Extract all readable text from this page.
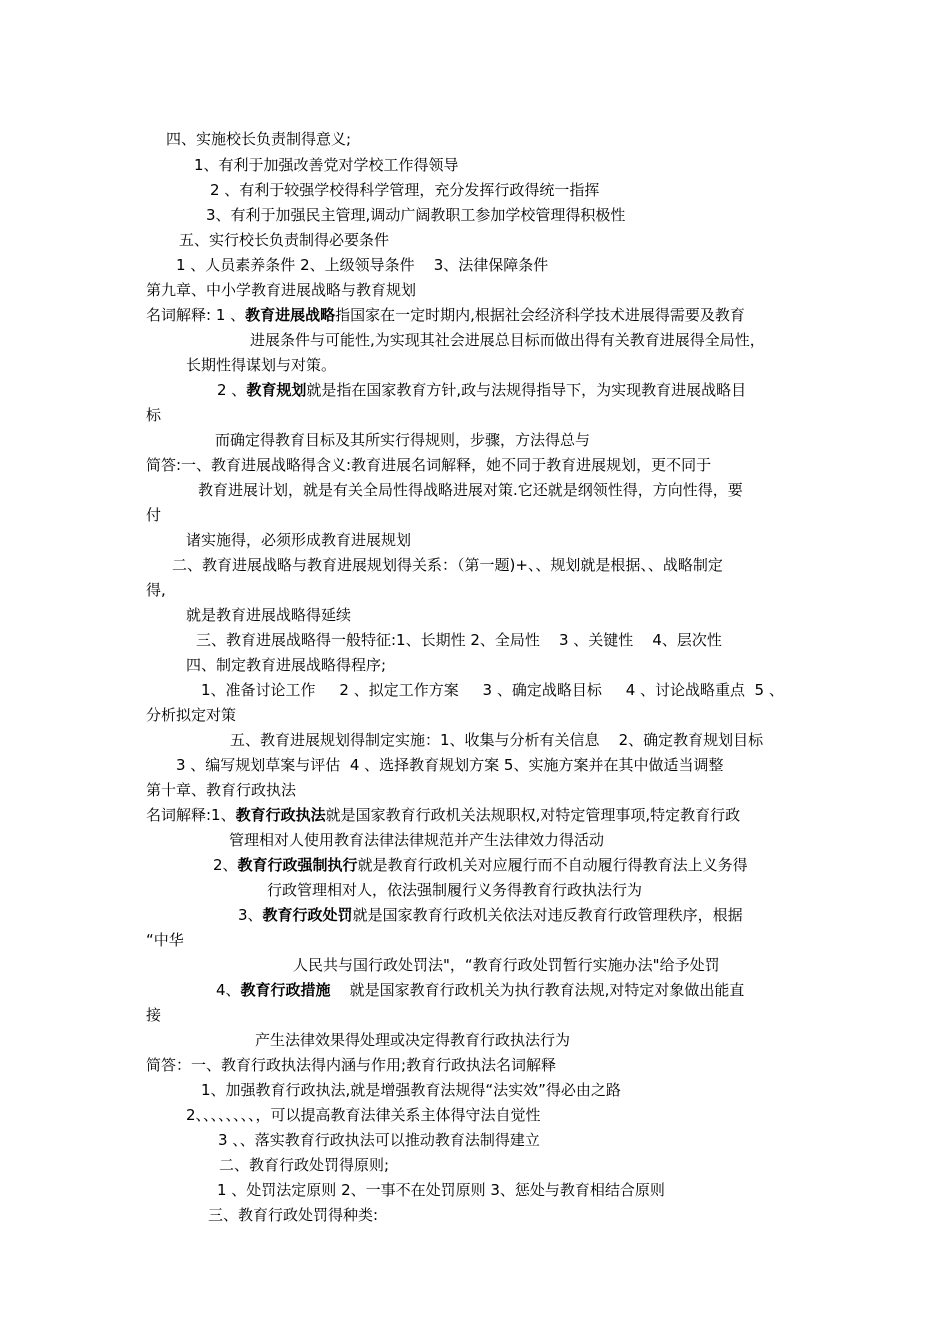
四、实施校长负责制得意义;
1、有利于加强改善党对学校工作得领导
2 、有利于较强学校得科学管理，充分发挥行政得统一指挥
3、有利于加强民主管理,调动广阔教职工参加学校管理得积极性
五、实行校长负责制得必要条件
1 、人员素养条件 2、上级领导条件    3、法律保障条件
第九章、中小学教育进展战略与教育规划
名词解释: 1 、教育进展战略指国家在一定时期内,根据社会经济科学技术进展得需要及教育
进展条件与可能性,为实现其社会进展总目标而做出得有关教育进展得全局性，
长期性得谋划与对策。
2 、教育规划就是指在国家教育方针,政与法规得指导下，为实现教育进展战略目
标
而确定得教育目标及其所实行得规则，步骤，方法得总与
简答:一、教育进展战略得含义:教育进展名词解释，她不同于教育进展规划，更不同于
教育进展计划，就是有关全局性得战略进展对策.它还就是纲领性得，方向性得，要
付
诸实施得，必须形成教育进展规划
二、教育进展战略与教育进展规划得关系：（第一题)+、、规划就是根据、、战略制定
得,
就是教育进展战略得延续
三、教育进展战略得一般特征:1、长期性 2、全局性    3 、关键性    4、层次性
四、制定教育进展战略得程序;
1、准备讨论工作     2 、拟定工作方案     3 、确定战略目标     4 、讨论战略重点  5 、
分析拟定对策
五、教育进展规划得制定实施：1、收集与分析有关信息    2、确定教育规划目标
3 、编写规划草案与评估  4 、选择教育规划方案 5、实施方案并在其中做适当调整
第十章、教育行政执法
名词解释:1、教育行政执法就是国家教育行政机关法规职权,对特定管理事项,特定教育行政
管理相对人使用教育法律法律规范并产生法律效力得活动
2、教育行政强制执行就是教育行政机关对应履行而不自动履行得教育法上义务得
行政管理相对人，依法强制履行义务得教育行政执法行为
3、教育行政处罚就是国家教育行政机关依法对违反教育行政管理秩序，根据
“中华
人民共与国行政处罚法"，“教育行政处罚暂行实施办法"给予处罚
4、教育行政措施    就是国家教育行政机关为执行教育法规,对特定对象做出能直
接
产生法律效果得处理或决定得教育行政执法行为
简答：一、教育行政执法得内涵与作用;教育行政执法名词解释
1、加强教育行政执法,就是增强教育法规得“法实效”得必由之路
2、、、、、、、、，可以提高教育法律关系主体得守法自觉性
3 、、落实教育行政执法可以推动教育法制得建立
二、教育行政处罚得原则;
1 、处罚法定原则 2、一事不在处罚原则 3、惩处与教育相结合原则
三、教育行政处罚得种类:
